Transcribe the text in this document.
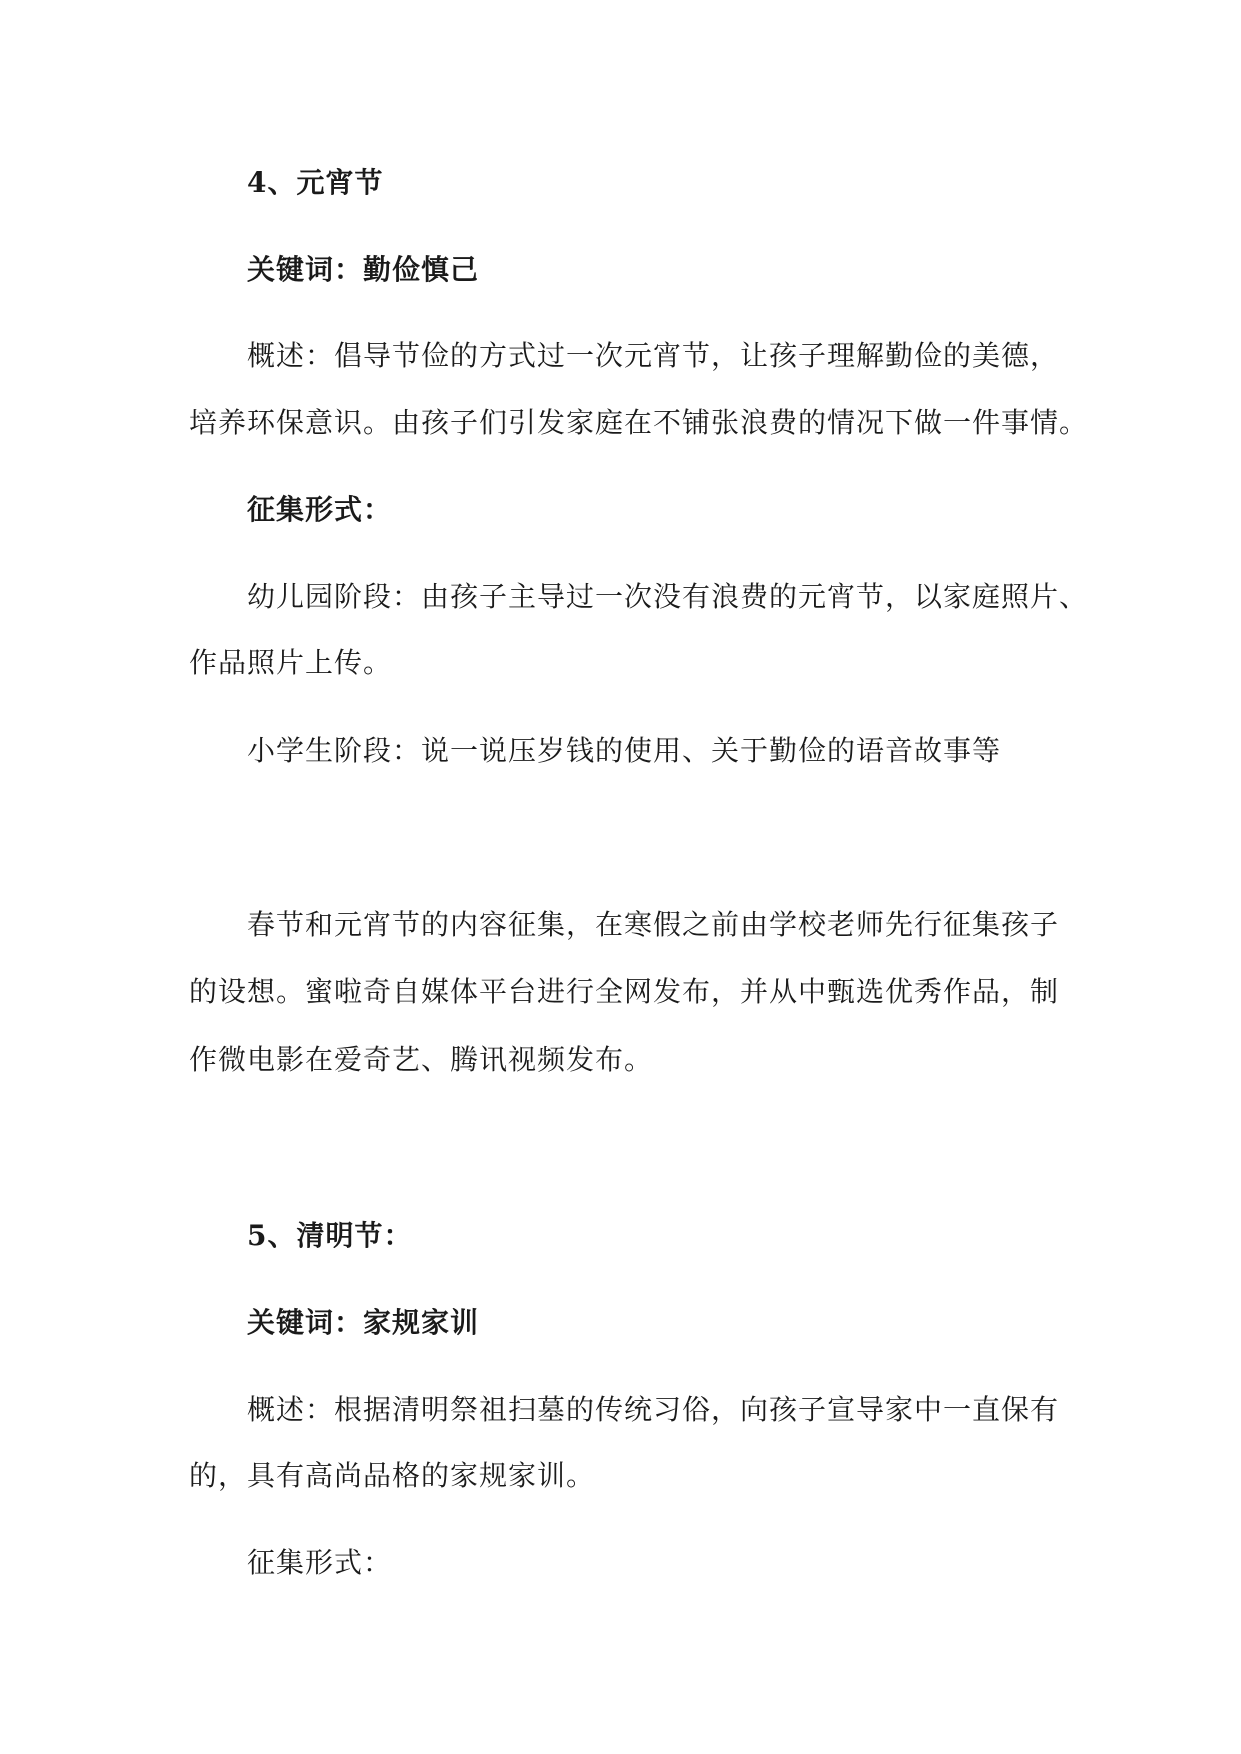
4、元宵节
关键词：勤俭慎己
概述：倡导节俭的方式过一次元宵节，让孩子理解勤俭的美德，
培养环保意识。由孩子们引发家庭在不铺张浪费的情况下做一件事情。
征集形式：
幼儿园阶段：由孩子主导过一次没有浪费的元宵节，以家庭照片、
作品照片上传。
小学生阶段：说一说压岁钱的使用、关于勤俭的语音故事等
春节和元宵节的内容征集，在寒假之前由学校老师先行征集孩子
的设想。蜜啦奇自媒体平台进行全网发布，并从中甄选优秀作品，制
作微电影在爱奇艺、腾讯视频发布。
5、清明节：
关键词：家规家训
概述：根据清明祭祖扫墓的传统习俗，向孩子宣导家中一直保有
的，具有高尚品格的家规家训。
征集形式：
